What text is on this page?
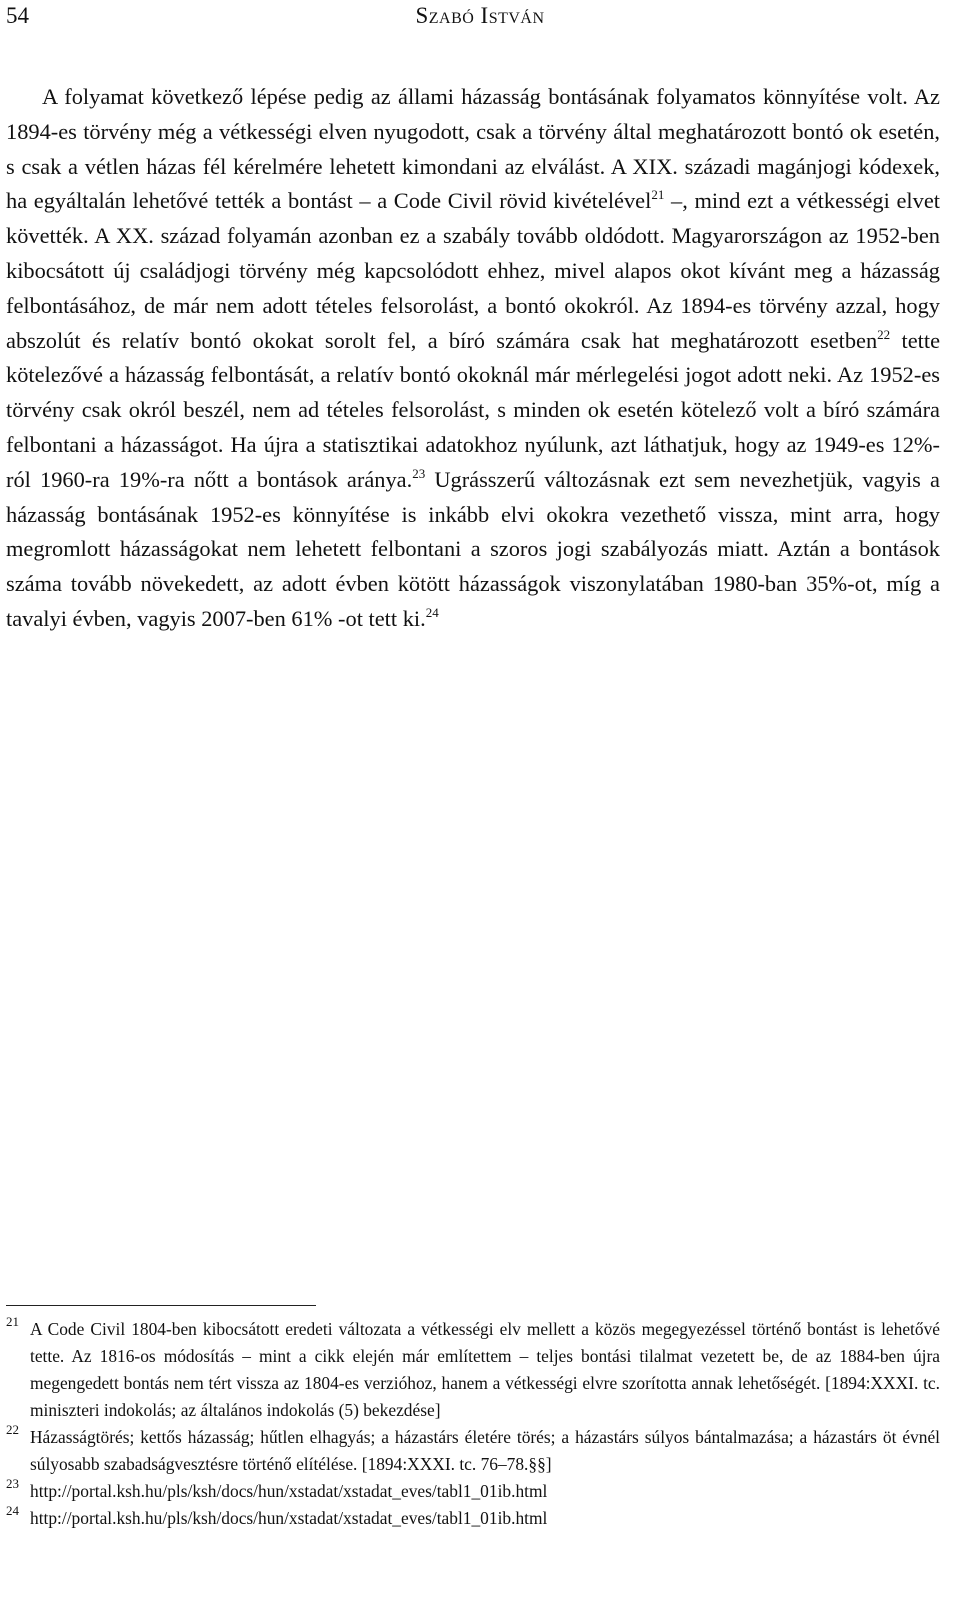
54	Szabó István

A folyamat következő lépése pedig az állami házasság bontásának folyamatos könnyítése volt. Az 1894-es törvény még a vétkességi elven nyugodott, csak a törvény által meghatározott bontó ok esetén, s csak a vétlen házas fél kérelmére lehetett kimondani az elválást. A XIX. századi magánjogi kódexek, ha egyáltalán lehetővé tették a bontást – a Code Civil rövid kivételével$^{21}$ –, mind ezt a vétkességi elvet követték. A XX. század folyamán azonban ez a szabály tovább oldódott. Magyarországon az 1952-ben kibocsátott új családjogi törvény még kapcsolódott ehhez, mivel alapos okot kívánt meg a házasság felbontásához, de már nem adott tételes felsorolást, a bontó okokról. Az 1894-es törvény azzal, hogy abszolút és relatív bontó okokat sorolt fel, a bíró számára csak hat meghatározott esetben$^{22}$ tette kötelezővé a házasság felbontását, a relatív bontó okoknál már mérlegelési jogot adott neki. Az 1952-es törvény csak okról beszél, nem ad tételes felsorolást, s minden ok esetén kötelező volt a bíró számára felbontani a házasságot. Ha újra a statisztikai adatokhoz nyúlunk, azt láthatjuk, hogy az 1949-es 12%-ról 1960-ra 19%-ra nőtt a bontások aránya.$^{23}$ Ugrásszerű változásnak ezt sem nevezhetjük, vagyis a házasság bontásának 1952-es könnyítése is inkább elvi okokra vezethető vissza, mint arra, hogy megromlott házasságokat nem lehetett felbontani a szoros jogi szabályozás miatt. Aztán a bontások száma tovább növekedett, az adott évben kötött házasságok viszonylatában 1980-ban 35%-ot, míg a tavalyi évben, vagyis 2007-ben 61% -ot tett ki.$^{24}$

21 A Code Civil 1804-ben kibocsátott eredeti változata a vétkességi elv mellett a közös megegyezéssel történő bontást is lehetővé tette. Az 1816-os módosítás – mint a cikk elején már említettem – teljes bontási tilalmat vezetett be, de az 1884-ben újra megengedett bontás nem tért vissza az 1804-es verzióhoz, hanem a vétkességi elvre szorította annak lehetőségét. [1894:XXXI. tc. miniszteri indokolás; az általános indokolás (5) bekezdése]

22 Házasságtörés; kettős házasság; hűtlen elhagyás; a házastárs életére törés; a házastárs súlyos bántalmazása; a házastárs öt évnél súlyosabb szabadságvesztésre történő elítélése. [1894:XXXI. tc. 76–78.§§]

23 http://portal.ksh.hu/pls/ksh/docs/hun/xstadat/xstadat_eves/tabl1_01ib.html

24 http://portal.ksh.hu/pls/ksh/docs/hun/xstadat/xstadat_eves/tabl1_01ib.html
